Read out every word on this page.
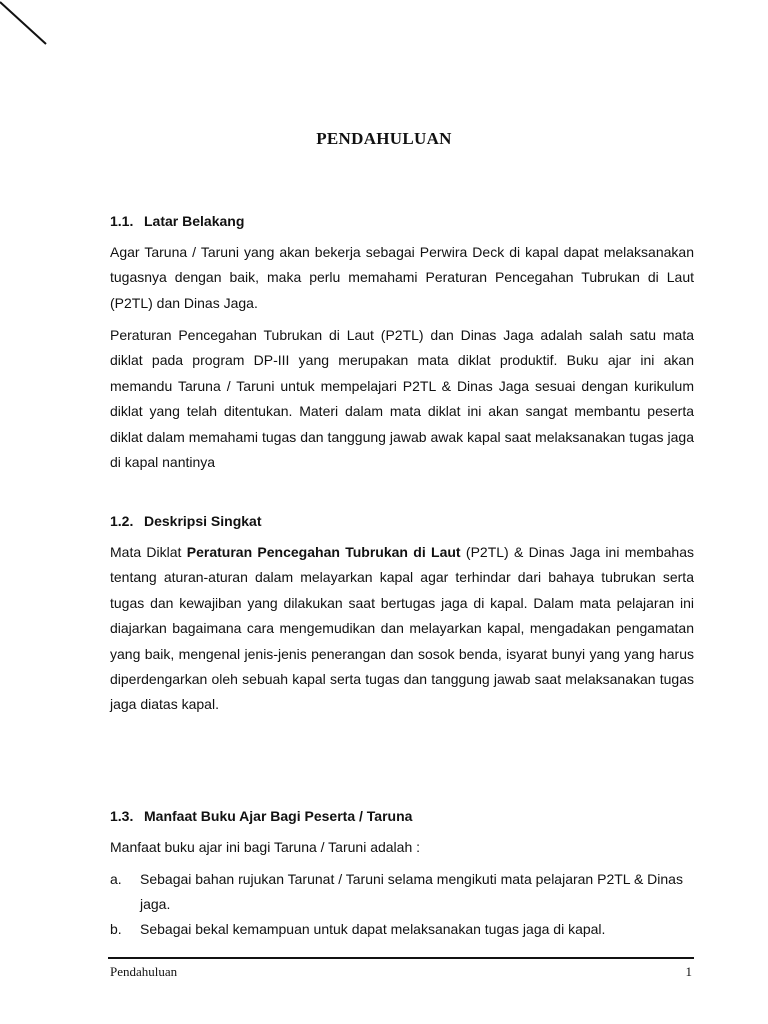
PENDAHULUAN
1.1. Latar Belakang

Agar Taruna / Taruni yang akan bekerja sebagai Perwira Deck di kapal dapat melaksanakan tugasnya dengan baik, maka perlu memahami Peraturan Pencegahan Tubrukan di Laut (P2TL) dan Dinas Jaga.

Peraturan Pencegahan Tubrukan di Laut (P2TL) dan Dinas Jaga adalah salah satu mata diklat pada program DP-III yang merupakan mata diklat produktif. Buku ajar ini akan memandu Taruna / Taruni untuk mempelajari P2TL & Dinas Jaga sesuai dengan kurikulum diklat yang telah ditentukan. Materi dalam mata diklat ini akan sangat membantu peserta diklat dalam memahami tugas dan tanggung jawab awak kapal saat melaksanakan tugas jaga di kapal nantinya

1.2. Deskripsi Singkat

Mata Diklat Peraturan Pencegahan Tubrukan di Laut (P2TL) & Dinas Jaga ini membahas tentang aturan-aturan dalam melayarkan kapal agar terhindar dari bahaya tubrukan serta tugas dan kewajiban yang dilakukan saat bertugas jaga di kapal. Dalam mata pelajaran ini diajarkan bagaimana cara mengemudikan dan melayarkan kapal, mengadakan pengamatan yang baik, mengenal jenis-jenis penerangan dan sosok benda, isyarat bunyi yang yang harus diperdengarkan oleh sebuah kapal serta tugas dan tanggung jawab saat melaksanakan tugas jaga diatas kapal.

1.3. Manfaat Buku Ajar Bagi Peserta / Taruna

Manfaat buku ajar ini bagi Taruna / Taruni adalah :

a.	Sebagai bahan rujukan Tarunat / Taruni selama mengikuti mata pelajaran P2TL & Dinas jaga.
b.	Sebagai bekal kemampuan untuk dapat melaksanakan tugas jaga di kapal.
Pendahuluan	1
